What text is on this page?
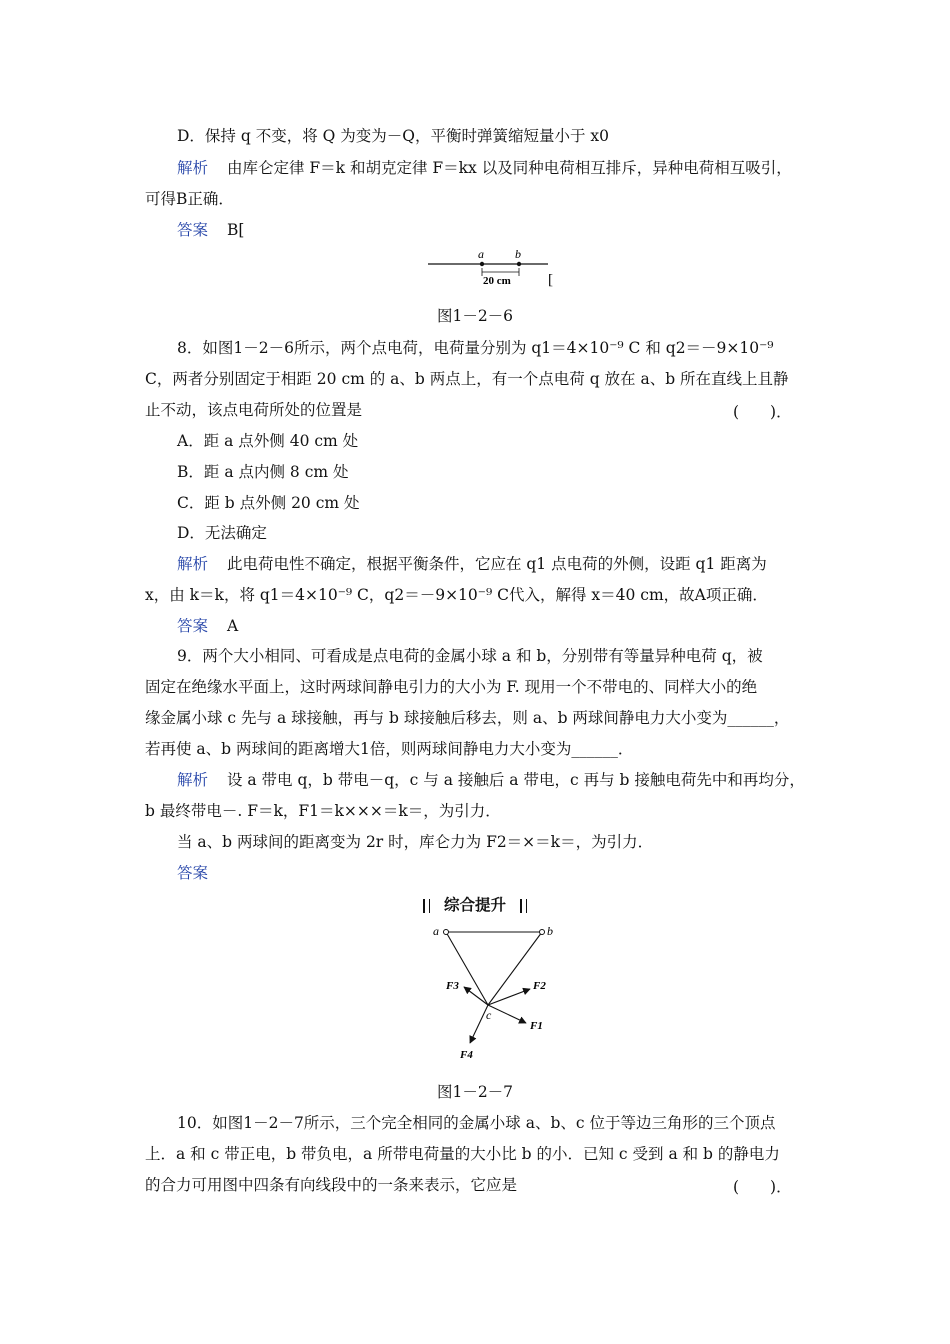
D．保持 q 不变，将 Q 为变为－Q，平衡时弹簧缩短量小于 x0
解析 由库仑定律 F＝k 和胡克定律 F＝kx 以及同种电荷相互排斥，异种电荷相互吸引，
可得B正确．
答案 B[
a	b
20 cm [
图1－2－6
8．如图1－2－6所示，两个点电荷，电荷量分别为 q1＝4×10⁻⁹ C 和 q2＝－9×10⁻⁹
C，两者分别固定于相距 20 cm 的 a、b 两点上，有一个点电荷 q 放在 a、b 所在直线上且静
止不动，该点电荷所处的位置是	(　　)．
A．距 a 点外侧 40 cm 处
B．距 a 点内侧 8 cm 处
C．距 b 点外侧 20 cm 处
D．无法确定
解析 此电荷电性不确定，根据平衡条件，它应在 q1 点电荷的外侧，设距 q1 距离为
x，由 k＝k，将 q1＝4×10⁻⁹ C，q2＝－9×10⁻⁹ C代入，解得 x＝40 cm，故A项正确．
答案 A
9．两个大小相同、可看成是点电荷的金属小球 a 和 b，分别带有等量异种电荷 q，被
固定在绝缘水平面上，这时两球间静电引力的大小为 F. 现用一个不带电的、同样大小的绝
缘金属小球 c 先与 a 球接触，再与 b 球接触后移去，则 a、b 两球间静电力大小变为______，
若再使 a、b 两球间的距离增大1倍，则两球间静电力大小变为______．
解析 设 a 带电 q，b 带电－q，c 与 a 接触后 a 带电，c 再与 b 接触电荷先中和再均分，
b 最终带电－. F＝k，F1＝k×××＝k＝，为引力．
当 a、b 两球间的距离变为 2r 时，库仑力为 F2＝×＝k＝，为引力．
答案
综合提升
a	b
c
F1
F2
F3
F4
图1－2－7
10．如图1－2－7所示，三个完全相同的金属小球 a、b、c 位于等边三角形的三个顶点
上．a 和 c 带正电，b 带负电，a 所带电荷量的大小比 b 的小．已知 c 受到 a 和 b 的静电力
的合力可用图中四条有向线段中的一条来表示，它应是	(　　)．
